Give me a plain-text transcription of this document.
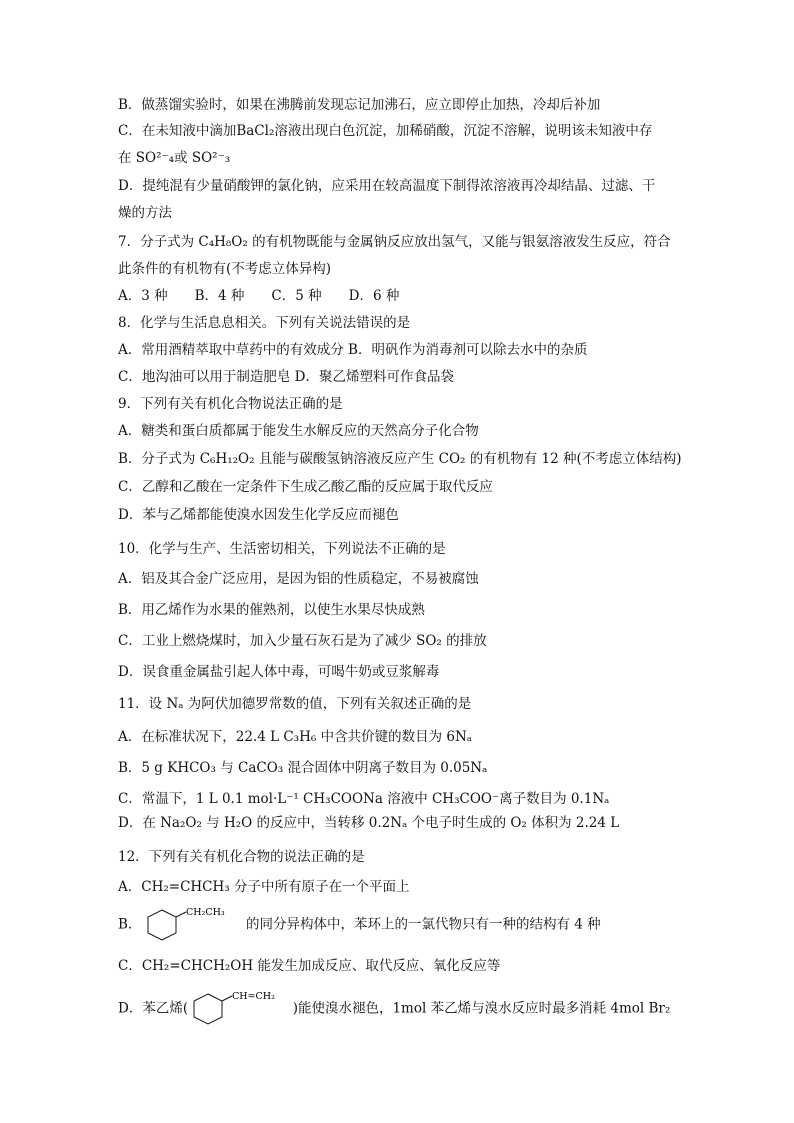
B．做蒸馏实验时，如果在沸腾前发现忘记加沸石，应立即停止加热，冷却后补加
C．在未知液中滴加BaCl₂溶液出现白色沉淀，加稀硝酸，沉淀不溶解，说明该未知液中存
在 SO²⁻₄或 SO²⁻₃
D．提纯混有少量硝酸钾的氯化钠，应采用在较高温度下制得浓溶液再冷却结晶、过滤、干
燥的方法
7．分子式为 C₄H₈O₂ 的有机物既能与金属钠反应放出氢气，又能与银氨溶液发生反应，符合
此条件的有机物有(不考虑立体异构)
A．3 种　　B．4 种　　C．5 种　　D．6 种
8．化学与生活息息相关。下列有关说法错误的是
A．常用酒精萃取中草药中的有效成分 B．明矾作为消毒剂可以除去水中的杂质
C．地沟油可以用于制造肥皂 D．聚乙烯塑料可作食品袋
9．下列有关有机化合物说法正确的是
A．糖类和蛋白质都属于能发生水解反应的天然高分子化合物
B．分子式为 C₆H₁₂O₂ 且能与碳酸氢钠溶液反应产生 CO₂ 的有机物有 12 种(不考虑立体结构)
C．乙醇和乙酸在一定条件下生成乙酸乙酯的反应属于取代反应
D．苯与乙烯都能使溴水因发生化学反应而褪色
10．化学与生产、生活密切相关，下列说法不正确的是
A．铝及其合金广泛应用，是因为铝的性质稳定，不易被腐蚀
B．用乙烯作为水果的催熟剂，以使生水果尽快成熟
C．工业上燃烧煤时，加入少量石灰石是为了减少 SO₂ 的排放
D．误食重金属盐引起人体中毒，可喝牛奶或豆浆解毒
11．设 Nₐ 为阿伏加德罗常数的值，下列有关叙述正确的是
A．在标准状况下，22.4 L C₃H₆ 中含共价键的数目为 6Nₐ
B．5 g KHCO₃ 与 CaCO₃ 混合固体中阴离子数目为 0.05Nₐ
C．常温下，1 L 0.1 mol·L⁻¹ CH₃COONa 溶液中 CH₃COO⁻离子数目为 0.1Nₐ
D．在 Na₂O₂ 与 H₂O 的反应中，当转移 0.2Nₐ 个电子时生成的 O₂ 体积为 2.24 L
12．下列有关有机化合物的说法正确的是
A．CH₂=CHCH₃ 分子中所有原子在一个平面上
B．
CH₂CH₃
的同分异构体中，苯环上的一氯代物只有一种的结构有 4 种
C．CH₂=CHCH₂OH 能发生加成反应、取代反应、氧化反应等
D．苯乙烯(
CH=CH₂
)能使溴水褪色，1mol 苯乙烯与溴水反应时最多消耗 4mol Br₂
